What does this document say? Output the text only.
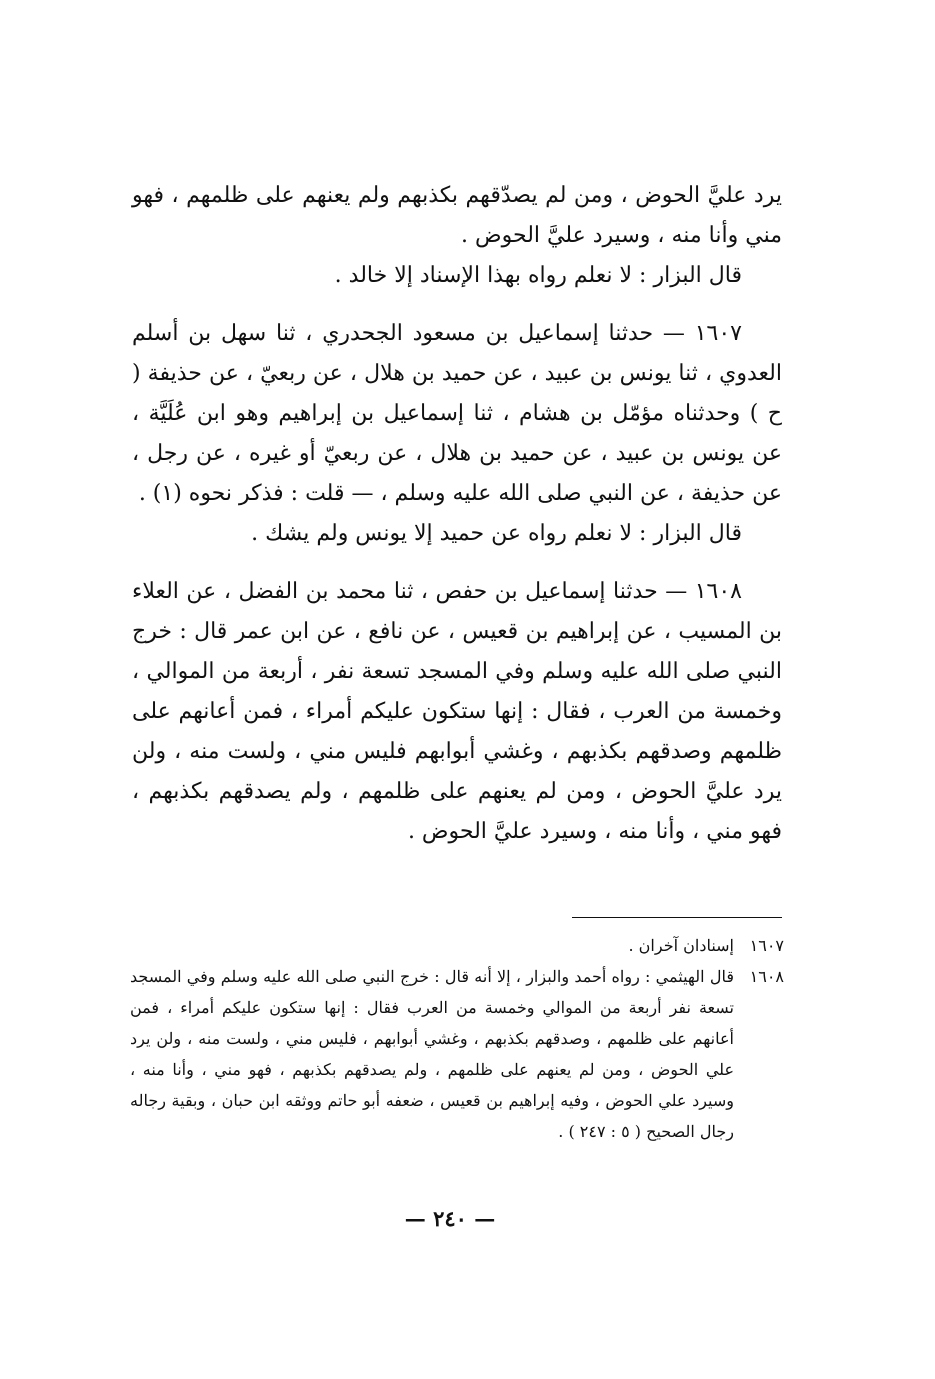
يرد عليَّ الحوض ، ومن لم يصدّقهم بكذبهم ولم يعنهم على ظلمهم ، فهو مني وأنا منه ، وسيرد عليَّ الحوض .

قال البزار : لا نعلم رواه بهذا الإسناد إلا خالد .

١٦٠٧ — حدثنا إسماعيل بن مسعود الجحدري ، ثنا سهل بن أسلم العدوي ، ثنا يونس بن عبيد ، عن حميد بن هلال ، عن ربعيّ ، عن حذيفة ( ح ) وحدثناه مؤمّل بن هشام ، ثنا إسماعيل بن إبراهيم وهو ابن عُلَيَّة ، عن يونس بن عبيد ، عن حميد بن هلال ، عن ربعيّ أو غيره ، عن رجل ، عن حذيفة ، عن النبي صلى الله عليه وسلم ، — قلت : فذكر نحوه (١) .

قال البزار : لا نعلم رواه عن حميد إلا يونس ولم يشك .

١٦٠٨ — حدثنا إسماعيل بن حفص ، ثنا محمد بن الفضل ، عن العلاء بن المسيب ، عن إبراهيم بن قعيس ، عن نافع ، عن ابن عمر قال : خرج النبي صلى الله عليه وسلم وفي المسجد تسعة نفر ، أربعة من الموالي ، وخمسة من العرب ، فقال : إنها ستكون عليكم أمراء ، فمن أعانهم على ظلمهم وصدقهم بكذبهم ، وغشي أبوابهم فليس مني ، ولست منه ، ولن يرد عليَّ الحوض ، ومن لم يعنهم على ظلمهم ، ولم يصدقهم بكذبهم ، فهو مني ، وأنا منه ، وسيرد عليَّ الحوض .

١٦٠٧
إسنادان آخران .
١٦٠٨
قال الهيثمي : رواه أحمد والبزار ، إلا أنه قال : خرج النبي صلى الله عليه وسلم وفي المسجد تسعة نفر أربعة من الموالي وخمسة من العرب فقال : إنها ستكون عليكم أمراء ، فمن أعانهم على ظلمهم ، وصدقهم بكذبهم ، وغشي أبوابهم ، فليس مني ، ولست منه ، ولن يرد علي الحوض ، ومن لم يعنهم على ظلمهم ، ولم يصدقهم بكذبهم ، فهو مني ، وأنا منه ، وسيرد علي الحوض ، وفيه إبراهيم بن قعيس ، ضعفه أبو حاتم ووثقه ابن حبان ، وبقية رجاله رجال الصحيح ( ٥ : ٢٤٧ ) .
— ٢٤٠ —
